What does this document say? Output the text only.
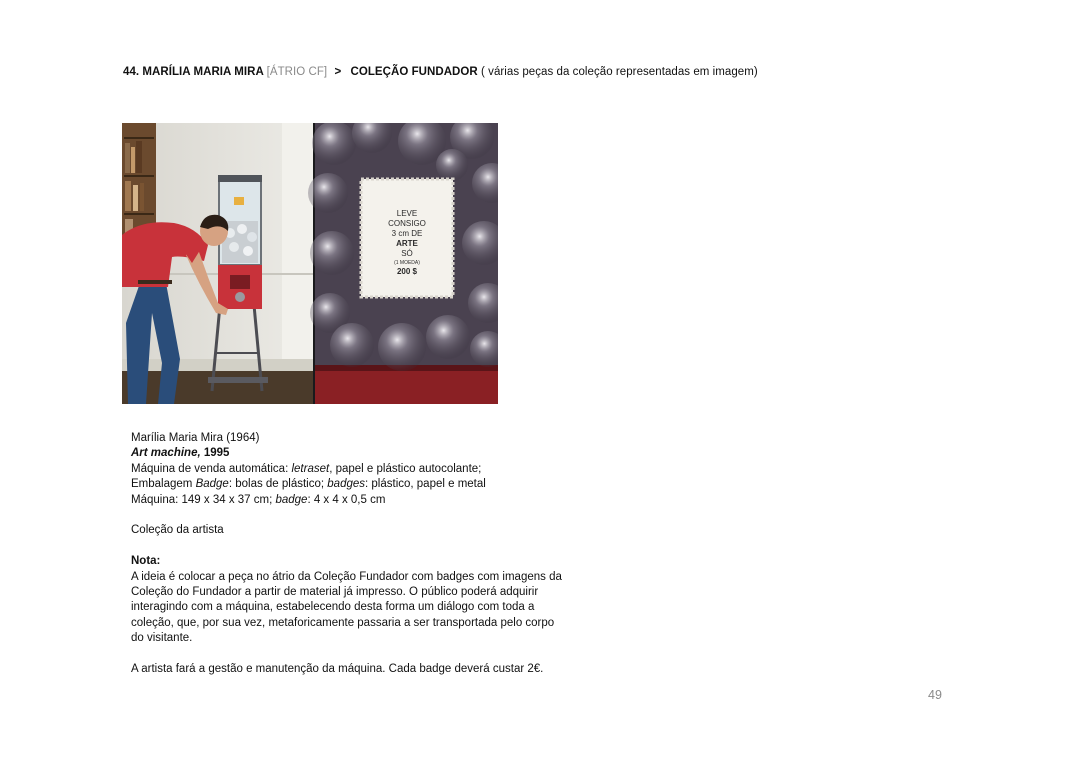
44. MARÍLIA MARIA MIRA [ÁTRIO CF] > COLEÇÃO FUNDADOR ( várias peças da coleção representadas em imagem)
LEVE
CONSIGO
3 cm DE
ARTE
SÓ
(1 MOEDA)
200 $

Marília Maria Mira (1964)

Art machine, 1995

Máquina de venda automática: letraset, papel e plástico autocolante;

Embalagem Badge: bolas de plástico; badges: plástico, papel e metal

Máquina: 149 x 34 x 37 cm; badge: 4 x 4 x 0,5 cm

Coleção da artista

Nota:

A ideia é colocar a peça no átrio da Coleção Fundador com badges com imagens da

Coleção do Fundador a partir de material já impresso. O público poderá adquirir

interagindo com a máquina, estabelecendo desta forma um diálogo com toda a

coleção, que, por sua vez, metaforicamente passaria a ser transportada pelo corpo

do visitante.

A artista fará a gestão e manutenção da máquina. Cada badge deverá custar 2€.

49
